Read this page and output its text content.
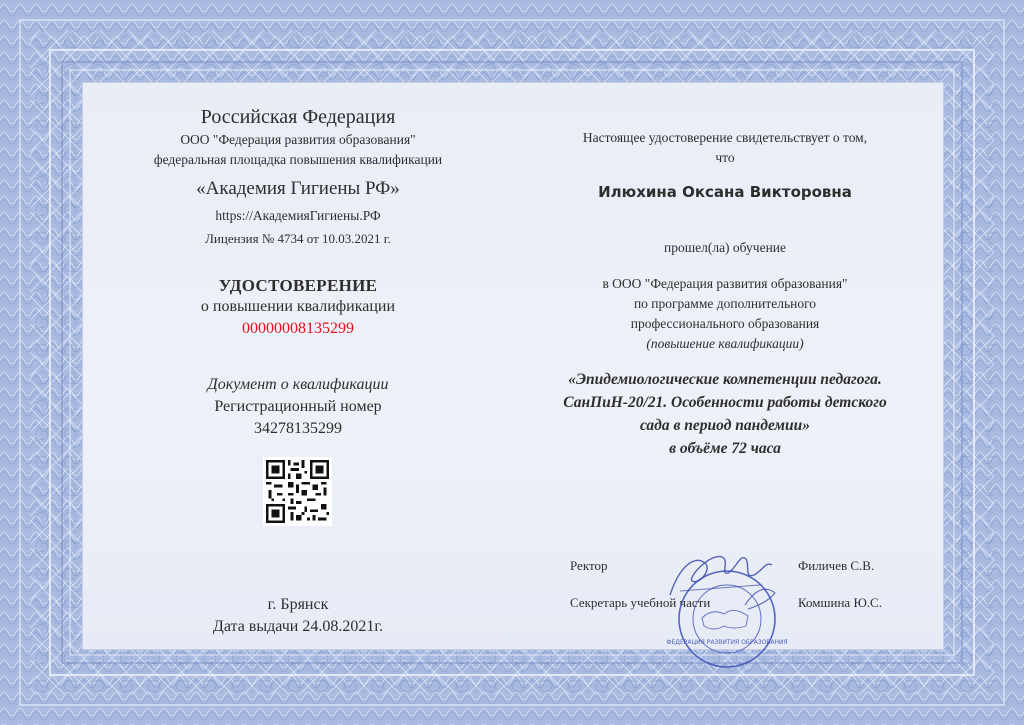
Российская Федерация
ООО "Федерация развития образования"
федеральная площадка повышения квалификации
«Академия Гигиены РФ»
https://АкадемияГигиены.РФ
Лицензия № 4734 от 10.03.2021 г.
УДОСТОВЕРЕНИЕ
о повышении квалификации
00000008135299
Документ о квалификации
Регистрационный номер
34278135299
г. Брянск
Дата выдачи 24.08.2021г.
Настоящее удостоверение свидетельствует о том,
что
Илюхина Оксана Викторовна
прошел(ла) обучение
в ООО "Федерация развития образования"
по программе дополнительного
профессионального образования
(повышение квалификации)
«Эпидемиологические компетенции педагога.
СанПиН-20/21. Особенности работы детского
сада в период пандемии»
в объёме 72 часа
ФЕДЕРАЦИЯ РАЗВИТИЯ ОБРАЗОВАНИЯ
Ректор	Филичев С.В.
Секретарь учебной части	Комшина Ю.С.
